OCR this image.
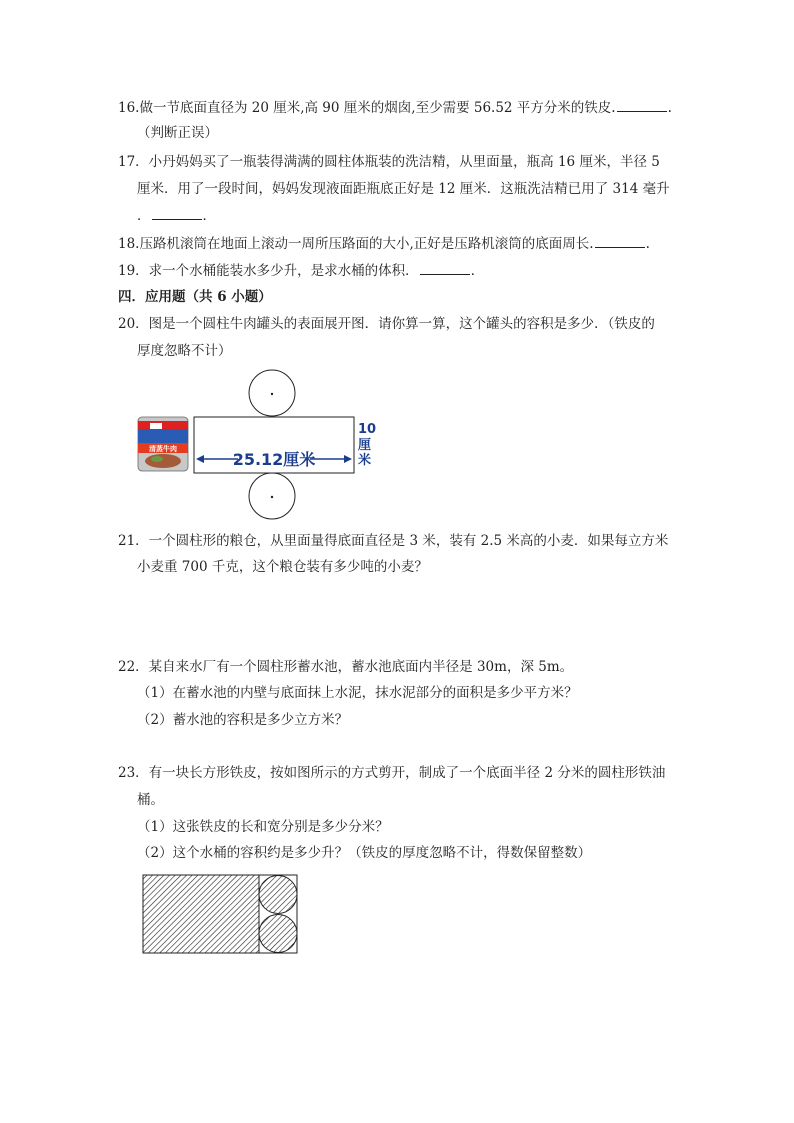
16.做一节底面直径为 20 厘米,高 90 厘米的烟囱,至少需要 56.52 平方分米的铁皮.	.
（判断正误）
17．小丹妈妈买了一瓶装得满满的圆柱体瓶装的洗洁精，从里面量，瓶高 16 厘米，半径 5
厘米．用了一段时间，妈妈发现液面距瓶底正好是 12 厘米．这瓶洗洁精已用了 314 毫升
．	．
18.压路机滚筒在地面上滚动一周所压路面的大小,正好是压路机滚筒的底面周长.	.
19．求一个水桶能装水多少升，是求水桶的体积．	．
四．应用题（共 6 小题）
20．图是一个圆柱牛肉罐头的表面展开图．请你算一算，这个罐头的容积是多少．（铁皮的
厚度忽略不计）
25.12厘米
10
厘
米
清蒸牛肉
21．一个圆柱形的粮仓，从里面量得底面直径是 3 米，装有 2.5 米高的小麦．如果每立方米
小麦重 700 千克，这个粮仓装有多少吨的小麦？
22．某自来水厂有一个圆柱形蓄水池，蓄水池底面内半径是 30m，深 5m。
（1）在蓄水池的内壁与底面抹上水泥，抹水泥部分的面积是多少平方米？
（2）蓄水池的容积是多少立方米？
23．有一块长方形铁皮，按如图所示的方式剪开，制成了一个底面半径 2 分米的圆柱形铁油
桶。
（1）这张铁皮的长和宽分别是多少分米？
（2）这个水桶的容积约是多少升？（铁皮的厚度忽略不计，得数保留整数）
